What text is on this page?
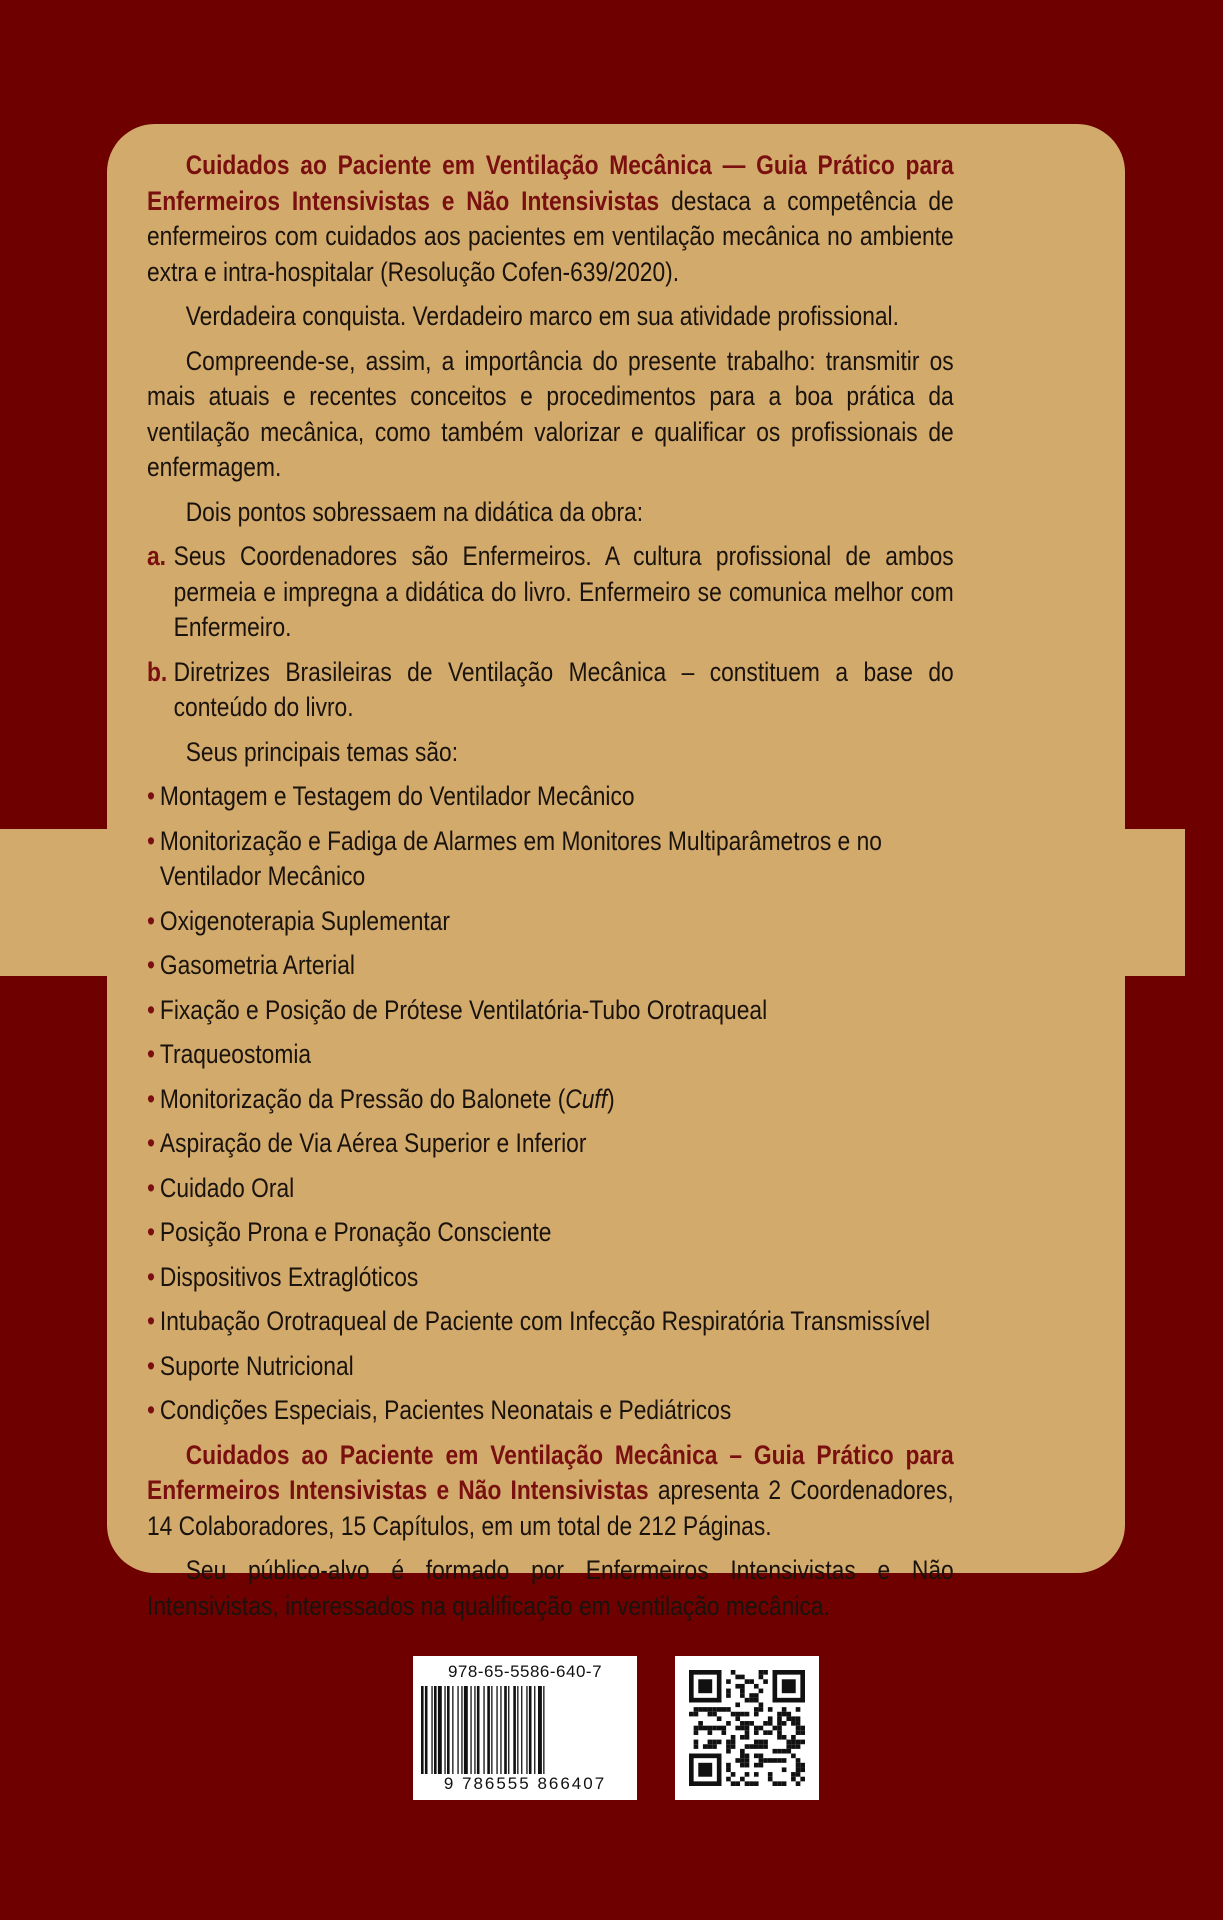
Cuidados ao Paciente em Ventilação Mecânica — Guia Prático para Enfermeiros Intensivistas e Não Intensivistas destaca a competência de enfermeiros com cuidados aos pacientes em ventilação mecânica no ambiente extra e intra-hospitalar (Resolução Cofen-639/2020).

Verdadeira conquista. Verdadeiro marco em sua atividade profissional.

Compreende-se, assim, a importância do presente trabalho: transmitir os mais atuais e recentes conceitos e procedimentos para a boa prática da ventilação mecânica, como também valorizar e qualificar os profissionais de enfermagem.

Dois pontos sobressaem na didática da obra:

a. Seus Coordenadores são Enfermeiros. A cultura profissional de ambos permeia e impregna a didática do livro. Enfermeiro se comunica melhor com Enfermeiro.

b. Diretrizes Brasileiras de Ventilação Mecânica – constituem a base do conteúdo do livro.

Seus principais temas são:

• Montagem e Testagem do Ventilador Mecânico

• Monitorização e Fadiga de Alarmes em Monitores Multiparâmetros e no Ventilador Mecânico

• Oxigenoterapia Suplementar

• Gasometria Arterial

• Fixação e Posição de Prótese Ventilatória-Tubo Orotraqueal

• Traqueostomia

• Monitorização da Pressão do Balonete (Cuff)

• Aspiração de Via Aérea Superior e Inferior

• Cuidado Oral

• Posição Prona e Pronação Consciente

• Dispositivos Extraglóticos

• Intubação Orotraqueal de Paciente com Infecção Respiratória Transmissível

• Suporte Nutricional

• Condições Especiais, Pacientes Neonatais e Pediátricos

Cuidados ao Paciente em Ventilação Mecânica – Guia Prático para Enfermeiros Intensivistas e Não Intensivistas apresenta 2 Coordenadores, 14 Colaboradores, 15 Capítulos, em um total de 212 Páginas.

Seu público-alvo é formado por Enfermeiros Intensivistas e Não Intensivistas, interessados na qualificação em ventilação mecânica.

978-65-5586-640-7
9 786555 866407
